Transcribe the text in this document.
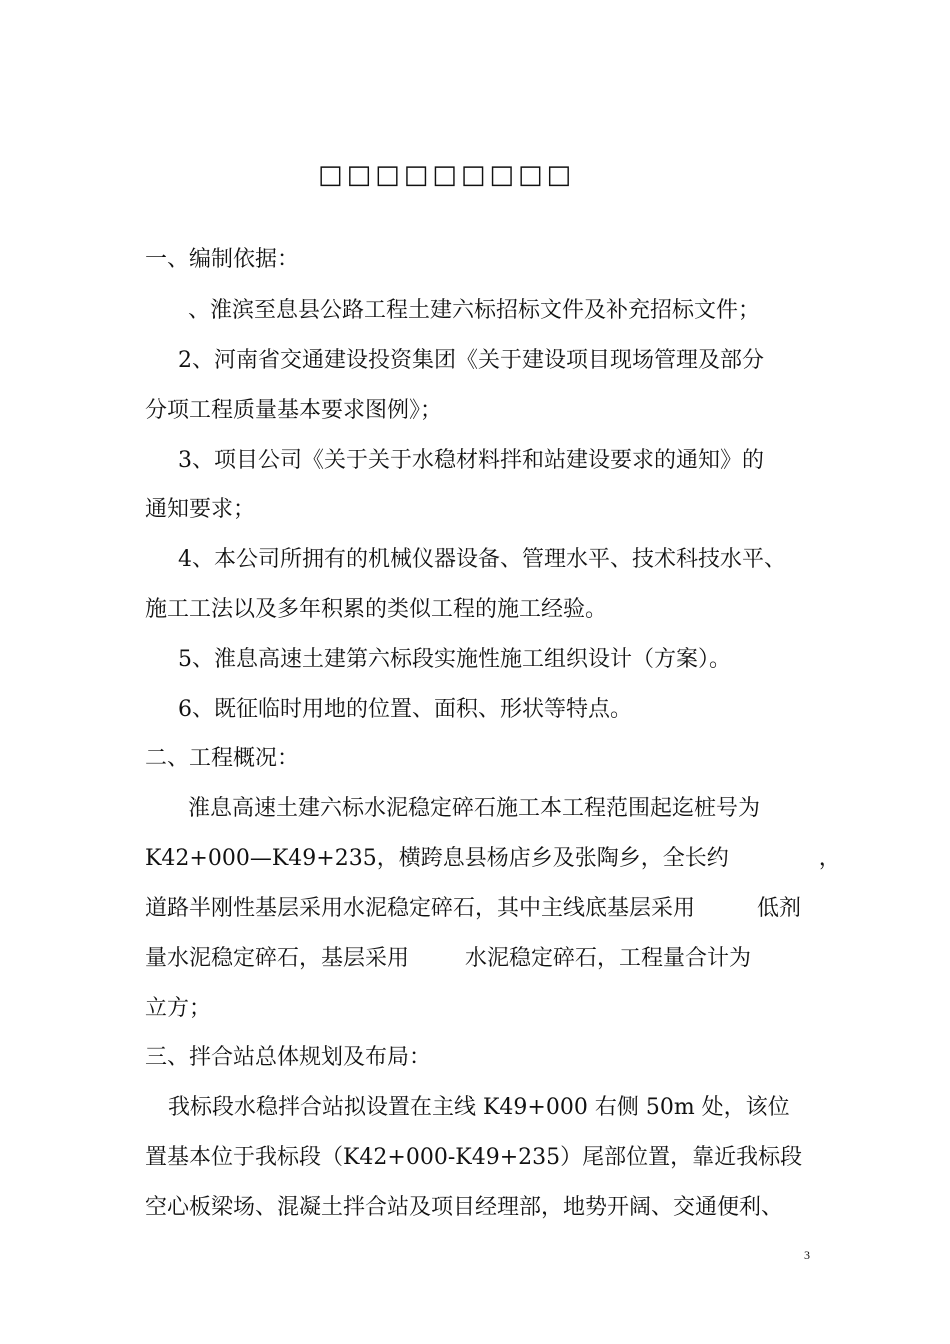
□□□□□□□□□
一、编制依据：
、淮滨至息县公路工程土建六标招标文件及补充招标文件；
2、河南省交通建设投资集团《关于建设项目现场管理及部分
分项工程质量基本要求图例》；
3、项目公司《关于关于水稳材料拌和站建设要求的通知》的
通知要求；
4、本公司所拥有的机械仪器设备、管理水平、技术科技水平、
施工工法以及多年积累的类似工程的施工经验。
5、淮息高速土建第六标段实施性施工组织设计（方案）。
6、既征临时用地的位置、面积、形状等特点。
二、工程概况：
淮息高速土建六标水泥稳定碎石施工本工程范围起迄桩号为
K42+000—K49+235，横跨息县杨店乡及张陶乡，全长约	，
道路半刚性基层采用水泥稳定碎石，其中主线底基层采用	低剂
量水泥稳定碎石，基层采用	水泥稳定碎石，工程量合计为
立方；
三、拌合站总体规划及布局：
我标段水稳拌合站拟设置在主线 K49+000 右侧 50m 处，该位
置基本位于我标段（K42+000-K49+235）尾部位置，靠近我标段
空心板梁场、混凝土拌合站及项目经理部，地势开阔、交通便利、
3
